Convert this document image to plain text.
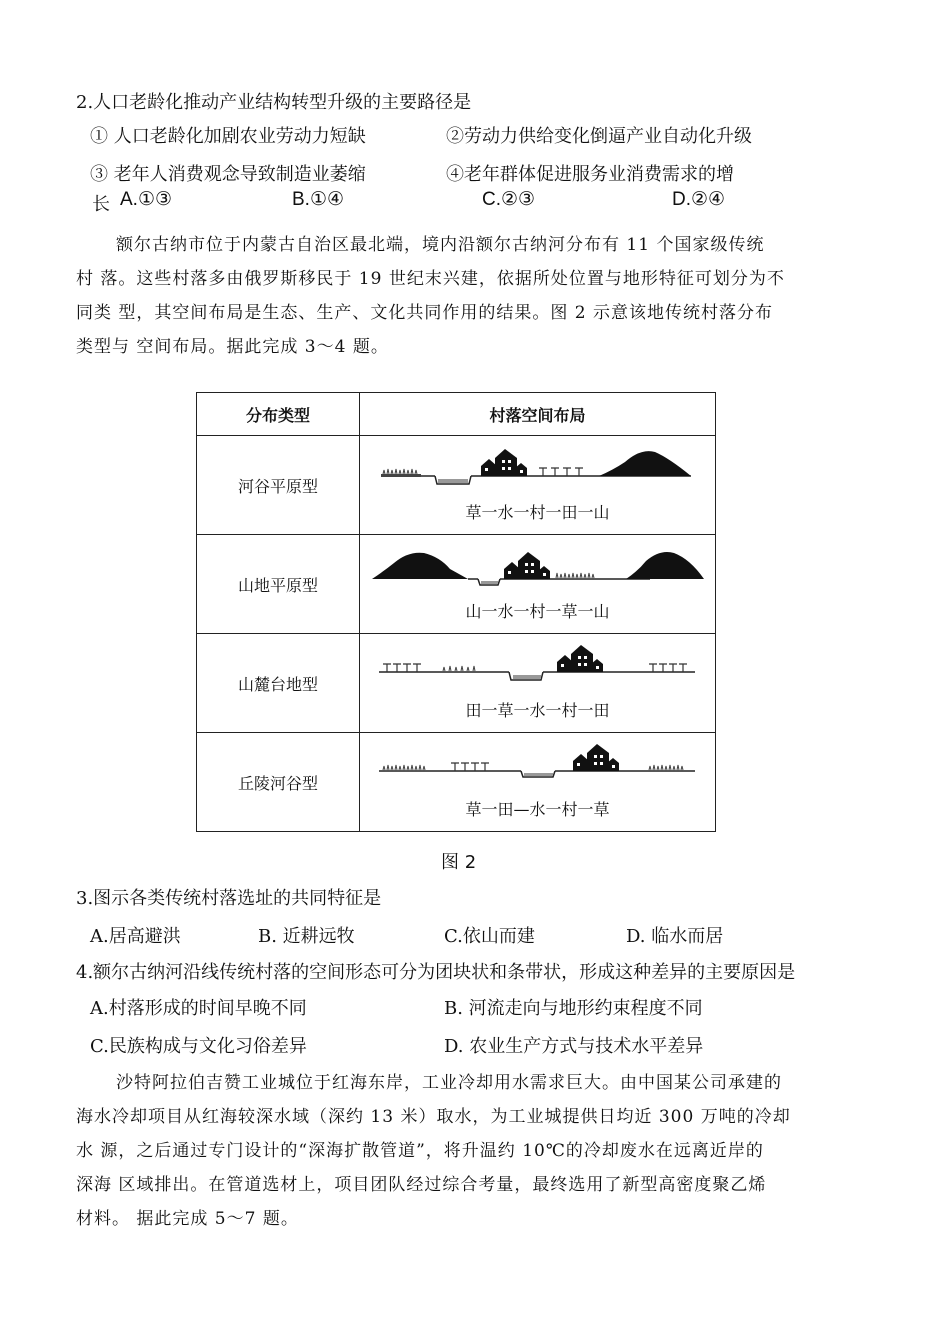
2.人口老龄化推动产业结构转型升级的主要路径是
① 人口老龄化加剧农业劳动力短缺	②劳动力供给变化倒逼产业自动化升级
③ 老年人消费观念导致制造业萎缩	④老年群体促进服务业消费需求的增
长 A.①③	B.①④	C.②③	D.②④
额尔古纳市位于内蒙古自治区最北端，境内沿额尔古纳河分布有 11 个国家级传统
村 落。这些村落多由俄罗斯移民于 19 世纪末兴建，依据所处位置与地形特征可划分为不
同类 型，其空间布局是生态、生产、文化共同作用的结果。图 2 示意该地传统村落分布
类型与 空间布局。据此完成 3～4 题。
分布类型	村落空间布局
河谷平原型	草一水一村一田一山

山地平原型	山一水一村一草一山

山麓台地型	田一草一水一村一田

丘陵河谷型	草一田—水一村一草
图 2
3.图示各类传统村落选址的共同特征是
A.居高避洪	B. 近耕远牧	C.依山而建	D. 临水而居
4.额尔古纳河沿线传统村落的空间形态可分为团块状和条带状，形成这种差异的主要原因是
A.村落形成的时间早晚不同	B. 河流走向与地形约束程度不同
C.民族构成与文化习俗差异	D. 农业生产方式与技术水平差异
沙特阿拉伯吉赞工业城位于红海东岸，工业冷却用水需求巨大。由中国某公司承建的
海水冷却项目从红海较深水域（深约 13 米）取水，为工业城提供日均近 300 万吨的冷却
水 源，之后通过专门设计的“深海扩散管道”，将升温约 10℃的冷却废水在远离近岸的
深海 区域排出。在管道选材上，项目团队经过综合考量，最终选用了新型高密度聚乙烯
材料。 据此完成 5～7 题。
